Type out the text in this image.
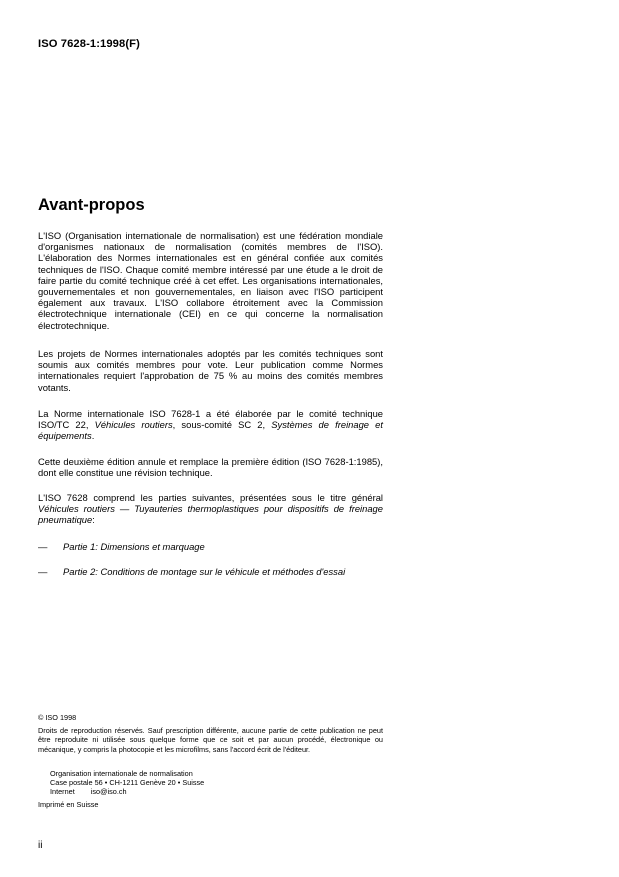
ISO 7628-1:1998(F)
Avant-propos
L'ISO (Organisation internationale de normalisation) est une fédération mondiale d'organismes nationaux de normalisation (comités membres de l'ISO). L'élaboration des Normes internationales est en général confiée aux comités techniques de l'ISO. Chaque comité membre intéressé par une étude a le droit de faire partie du comité technique créé à cet effet. Les organisations internationales, gouvernementales et non gouvernementales, en liaison avec l'ISO participent également aux travaux. L'ISO collabore étroitement avec la Commission électrotechnique internationale (CEI) en ce qui concerne la normalisation électrotechnique.
Les projets de Normes internationales adoptés par les comités techniques sont soumis aux comités membres pour vote. Leur publication comme Normes internationales requiert l'approbation de 75 % au moins des comités membres votants.
La Norme internationale ISO 7628-1 a été élaborée par le comité technique ISO/TC 22, Véhicules routiers, sous-comité SC 2, Systèmes de freinage et équipements.
Cette deuxième édition annule et remplace la première édition (ISO 7628-1:1985), dont elle constitue une révision technique.
L'ISO 7628 comprend les parties suivantes, présentées sous le titre général Véhicules routiers — Tuyauteries thermoplastiques pour dispositifs de freinage pneumatique:
— Partie 1: Dimensions et marquage
— Partie 2: Conditions de montage sur le véhicule et méthodes d'essai
© ISO 1998
Droits de reproduction réservés. Sauf prescription différente, aucune partie de cette publication ne peut être reproduite ni utilisée sous quelque forme que ce soit et par aucun procédé, électronique ou mécanique, y compris la photocopie et les microfilms, sans l'accord écrit de l'éditeur.
Organisation internationale de normalisation
Case postale 56 • CH-1211 Genève 20 • Suisse
Internet iso@iso.ch
Imprimé en Suisse
ii
